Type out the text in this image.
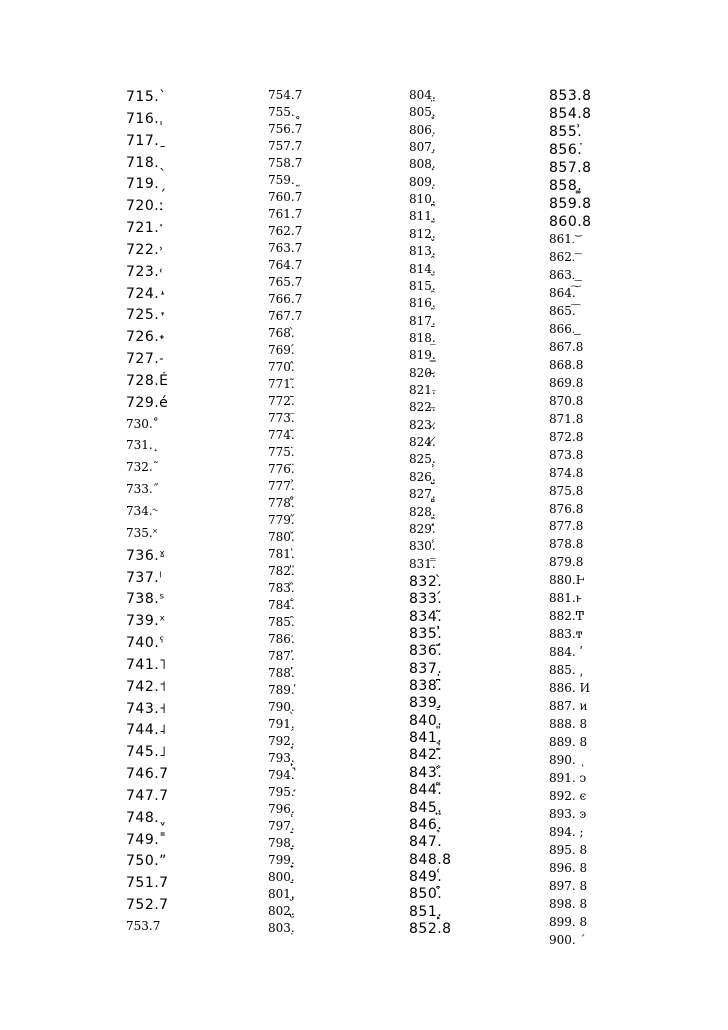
715.`
716.ˌ
717.ˍ
718.ˎ
719.ˏ
720.ː
721.ˑ
722.˒
723.˓
724.˔
725.˕
726.˖
727.˗
728.É
729.é
730.˚
731.˛
732.˜
733.˝
734.˞
735.˟
736.ˠ
737.ˡ
738.ˢ
739.ˣ
740.ˤ
741.˥
742.˦
743.˧
744.˨
745.˩
746.7
747.7
748.ˬ
749.˭
750.ˮ
751.7
752.7
753.7
754.7
755.˳
756.7
757.7
758.7
759.˷
760.7
761.7
762.7
763.7
764.7
765.7
766.7
767.7
768.̀
769.́
770.̂
771.̃
772.̄
773.̅
774.̆
775.̇
776.̈
777.̉
778.̊
779.̋
780.̌
781.̍
782.̎
783.̏
784.̐
785.̑
786.̒
787.̓
788.̔
789.̕
790.̖
791.̗
792.̘
793.̙
794.̚
795.̛
796.̜
797.̝
798.̞
799.̟
800.̠
801.̡
802.̢
803.̣
804.̤
805.̥
806.̦
807.̧
808.̨
809.̩
810.̪
811.̫
812.̬
813.̭
814.̮
815.̯
816.̰
817.̱
818.̲
819.̳
820.̴
821.̵
822.̶
823.̷
824.̸
825.̹
826.̺
827.̻
828.̼
829.̽
830.̾
831.̿
832.̀
833.́
834.͂
835.̓
836.̈́
837.ͅ
838.͆
839.͇
840.͈
841.͉
842.͊
843.͋
844.͌
845.͍
846.͎
847.
848.8
849.͑
850.͒
851.͓
852.8
853.8
854.8
855.͗
856.͘
857.8
858.͚
859.8
860.8
861.͝
862.͞
863.͟
864.͠
865.͡
866.͢
867.8
868.8
869.8
870.8
871.8
872.8
873.8
874.8
875.8
876.8
877.8
878.8
879.8
880.Ͱ
881.ͱ
882.Ͳ
883.ͳ
884. ʹ
885. ͵
886. Ͷ
887. ͷ
888. 8
889. 8
890. ͺ
891. ͻ
892. ͼ
893. ͽ
894. ;
895. 8
896. 8
897. 8
898. 8
899. 8
900. ΄
